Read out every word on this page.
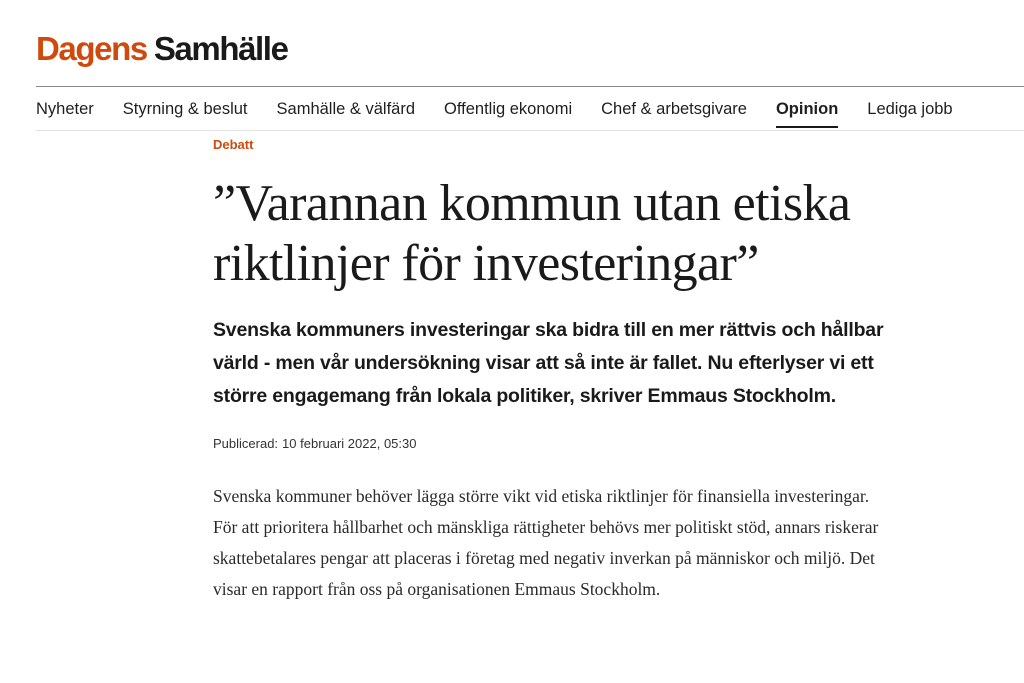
Dagens Samhälle
Nyheter Styrning & beslut Samhälle & välfärd Offentlig ekonomi Chef & arbetsgivare Opinion Lediga jobb
Debatt
”Varannan kommun utan etiska riktlinjer för investeringar”

Svenska kommuners investeringar ska bidra till en mer rättvis och hållbar värld - men vår undersökning visar att så inte är fallet. Nu efterlyser vi ett större engagemang från lokala politiker, skriver Emmaus Stockholm.

Publicerad: 10 februari 2022, 05:30

Svenska kommuner behöver lägga större vikt vid etiska riktlinjer för finansiella investeringar. För att prioritera hållbarhet och mänskliga rättigheter behövs mer politiskt stöd, annars riskerar skattebetalares pengar att placeras i företag med negativ inverkan på människor och miljö. Det visar en rapport från oss på organisationen Emmaus Stockholm.
